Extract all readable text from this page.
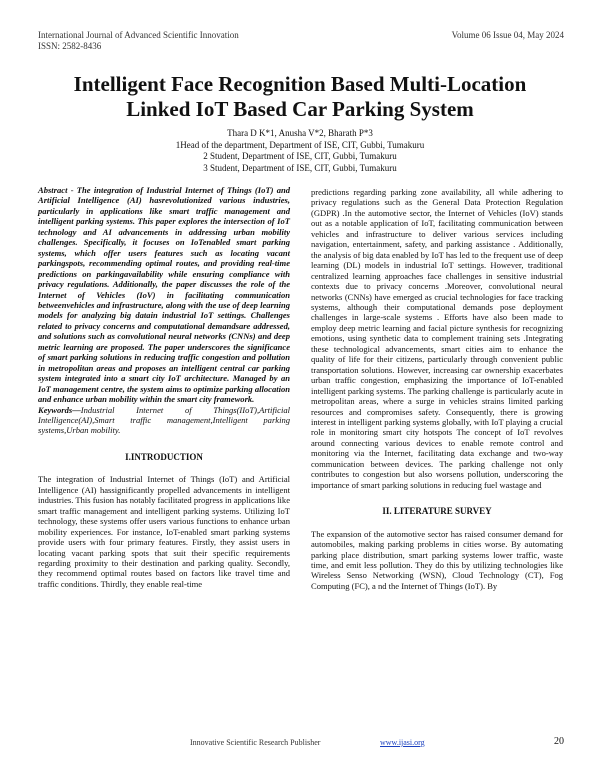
International Journal of Advanced Scientific Innovation
ISSN: 2582-8436
Volume 06 Issue 04, May 2024
Intelligent Face Recognition Based Multi-Location
Linked IoT Based Car Parking System
Thara D K*1, Anusha V*2, Bharath P*3
1Head of the department, Department of ISE, CIT, Gubbi, Tumakuru
2 Student, Department of ISE, CIT, Gubbi, Tumakuru
3 Student, Department of ISE, CIT, Gubbi, Tumakuru

Abstract - The integration of Industrial Internet of Things (IoT) and Artificial Intelligence (AI) hasrevolutionized various industries, particularly in applications like smart traffic management and intelligent parking systems. This paper explores the intersection of IoT technology and AI advancements in addressing urban mobility challenges. Specifically, it focuses on IoTenabled smart parking systems, which offer users features such as locating vacant parkingspots, recommending optimal routes, and providing real-time predictions on parkingavailability while ensuring compliance with privacy regulations. Additionally, the paper discusses the role of the Internet of Vehicles (IoV) in facilitating communication betweenvehicles and infrastructure, along with the use of deep learning models for analyzing big datain industrial IoT settings. Challenges related to privacy concerns and computational demandsare addressed, and solutions such as convolutional neural networks (CNNs) and deep metric learning are proposed. The paper underscores the significance of smart parking solutions in reducing traffic congestion and pollution in metropolitan areas and proposes an intelligent central car parking system integrated into a smart city IoT architecture. Managed by an IoT management centre, the system aims to optimize parking allocation and enhance urban mobility within the smart city framework.

Keywords—Industrial Internet of Things(IIoT),Artificial Intelligence(AI),Smart traffic management,Intelligent parking systems,Urban mobility.

I.INTRODUCTION

The integration of Industrial Internet of Things (IoT) and Artificial Intelligence (AI) hassignificantly propelled advancements in intelligent industries. This fusion has notably facilitated progress in applications like smart traffic management and intelligent parking systems. Utilizing IoT technology, these systems offer users various functions to enhance urban mobility experiences. For instance, IoT-enabled smart parking systems provide users with four primary features. Firstly, they assist users in locating vacant parking spots that suit their specific requirements regarding proximity to their destination and parking quality. Secondly, they recommend optimal routes based on factors like travel time and traffic conditions. Thirdly, they enable real-time

predictions regarding parking zone availability, all while adhering to privacy regulations such as the General Data Protection Regulation (GDPR) .In the automotive sector, the Internet of Vehicles (IoV) stands out as a notable application of IoT, facilitating communication between vehicles and infrastructure to deliver various services including navigation, entertainment, safety, and parking assistance . Additionally, the analysis of big data enabled by IoT has led to the frequent use of deep learning (DL) models in industrial IoT settings. However, traditional centralized learning approaches face challenges in sensitive industrial contexts due to privacy concerns .Moreover, convolutional neural networks (CNNs) have emerged as crucial technologies for face tracking systems, although their computational demands pose deployment challenges in large-scale systems . Efforts have also been made to employ deep metric learning and facial picture synthesis for recognizing emotions, using synthetic data to complement training sets .Integrating these technological advancements, smart cities aim to enhance the quality of life for their citizens, particularly through convenient public transportation solutions. However, increasing car ownership exacerbates urban traffic congestion, emphasizing the importance of IoT-enabled intelligent parking systems. The parking challenge is particularly acute in metropolitan areas, where a surge in vehicles strains limited parking resources and compromises safety. Consequently, there is growing interest in intelligent parking systems globally, with IoT playing a crucial role in monitoring smart city hotspots The concept of IoT revolves around connecting various devices to enable remote control and monitoring via the Internet, facilitating data exchange and two-way communication between devices. The parking challenge not only contributes to congestion but also worsens pollution, underscoring the importance of smart parking solutions in reducing fuel wastage and

II. LITERATURE SURVEY

The expansion of the automotive sector has raised consumer demand for automobiles, making parking problems in cities worse. By automating parking place distribution, smart parking systems lower traffic, waste time, and emit less pollution. They do this by utilizing technologies like Wireless Senso Networking (WSN), Cloud Technology (CT), Fog Computing (FC), a nd the Internet of Things (IoT). By

Innovative Scientific Research Publisher	www.ijasi.org	20
